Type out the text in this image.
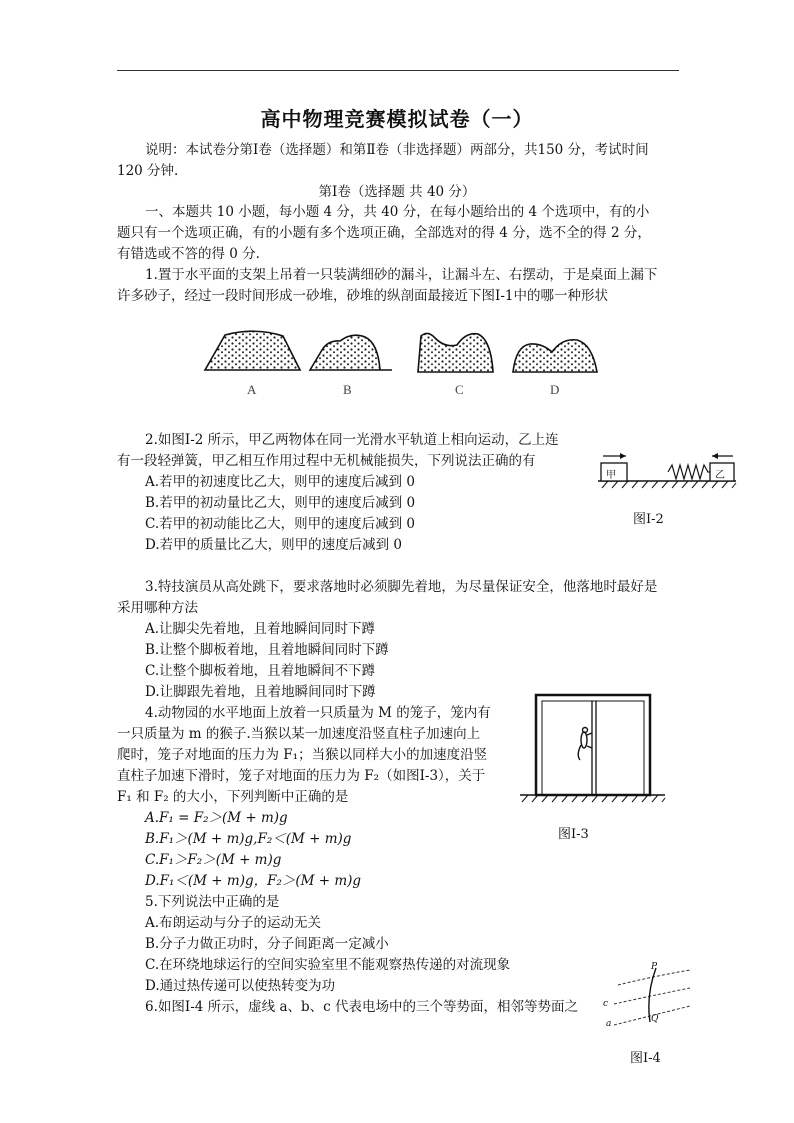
高中物理竞赛模拟试卷（一）
说明：本试卷分第Ⅰ卷（选择题）和第Ⅱ卷（非选择题）两部分，共150 分，考试时间
120 分钟.
第Ⅰ卷（选择题 共 40 分）
一、本题共 10 小题，每小题 4 分，共 40 分，在每小题给出的 4 个选项中，有的小
题只有一个选项正确，有的小题有多个选项正确，全部选对的得 4 分，选不全的得 2 分，
有错选或不答的得 0 分.
1.置于水平面的支架上吊着一只装满细砂的漏斗，让漏斗左、右摆动，于是桌面上漏下
许多砂子，经过一段时间形成一砂堆，砂堆的纵剖面最接近下图Ⅰ-1中的哪一种形状
A	B	C	D
2.如图Ⅰ-2 所示，甲乙两物体在同一光滑水平轨道上相向运动，乙上连
有一段轻弹簧，甲乙相互作用过程中无机械能损失，下列说法正确的有
A.若甲的初速度比乙大，则甲的速度后减到 0
B.若甲的初动量比乙大，则甲的速度后减到 0
C.若甲的初动能比乙大，则甲的速度后减到 0
D.若甲的质量比乙大，则甲的速度后减到 0
甲	乙
图Ⅰ-2
3.特技演员从高处跳下，要求落地时必须脚先着地，为尽量保证安全，他落地时最好是
采用哪种方法
A.让脚尖先着地，且着地瞬间同时下蹲
B.让整个脚板着地，且着地瞬间同时下蹲
C.让整个脚板着地，且着地瞬间不下蹲
D.让脚跟先着地，且着地瞬间同时下蹲
4.动物园的水平地面上放着一只质量为 M 的笼子，笼内有
一只质量为 m 的猴子.当猴以某一加速度沿竖直柱子加速向上
爬时，笼子对地面的压力为 F₁；当猴以同样大小的加速度沿竖
直柱子加速下滑时，笼子对地面的压力为 F₂（如图Ⅰ-3），关于
F₁ 和 F₂ 的大小，下列判断中正确的是
A.F₁ = F₂＞(M + m)g
B.F₁＞(M + m)g,F₂＜(M + m)g
C.F₁＞F₂＞(M + m)g
D.F₁＜(M + m)g，F₂＞(M + m)g
图Ⅰ-3
5.下列说法中正确的是
A.布朗运动与分子的运动无关
B.分子力做正功时，分子间距离一定减小
C.在环绕地球运行的空间实验室里不能观察热传递的对流现象
D.通过热传递可以使热转变为功
6.如图Ⅰ-4 所示，虚线 a、b、c 代表电场中的三个等势面，相邻等势面之
P
Q
a
c
图Ⅰ-4
